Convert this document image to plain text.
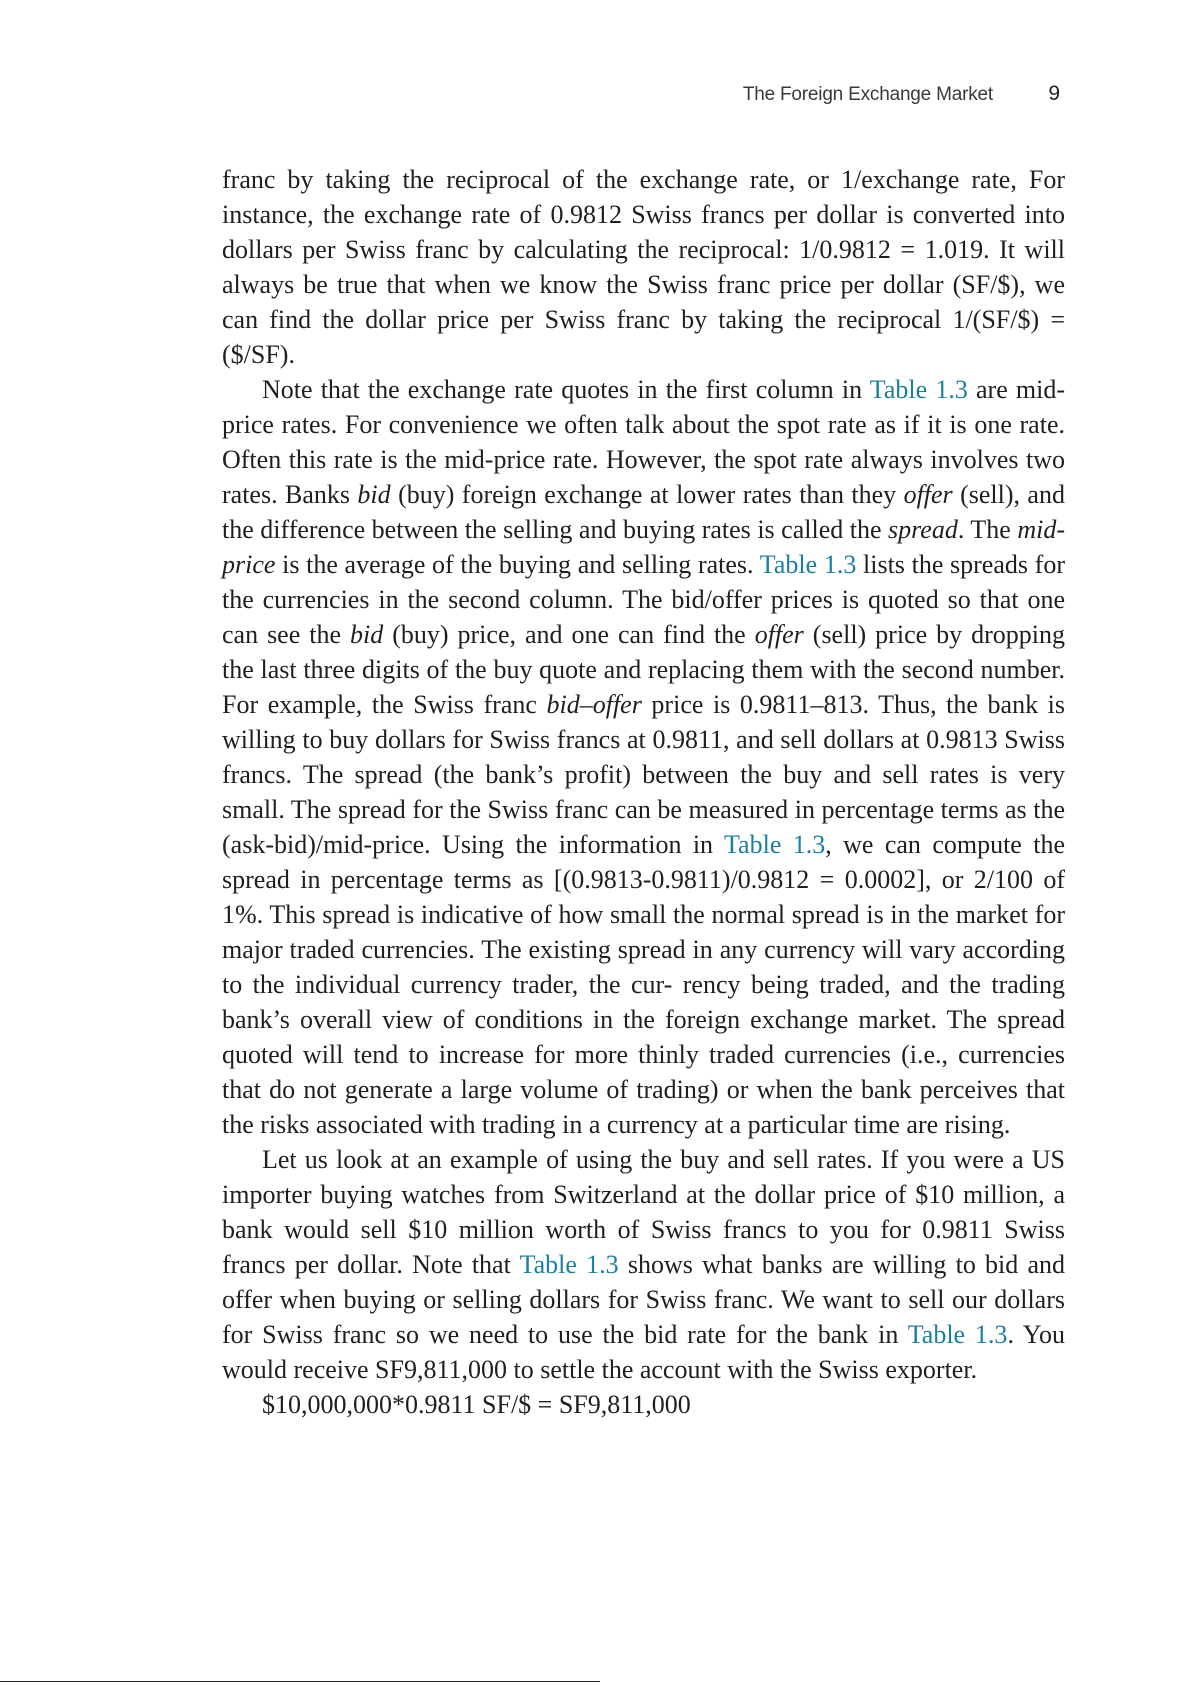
The Foreign Exchange Market	9

franc by taking the reciprocal of the exchange rate, or 1/exchange rate, For instance, the exchange rate of 0.9812 Swiss francs per dollar is converted into dollars per Swiss franc by calculating the reciprocal: 1/0.9812 = 1.019. It will always be true that when we know the Swiss franc price per dollar (SF/$), we can find the dollar price per Swiss franc by taking the reciprocal 1/(SF/$) = ($/SF).

Note that the exchange rate quotes in the first column in Table 1.3 are mid-price rates. For convenience we often talk about the spot rate as if it is one rate. Often this rate is the mid-price rate. However, the spot rate always involves two rates. Banks bid (buy) foreign exchange at lower rates than they offer (sell), and the difference between the selling and buying rates is called the spread. The mid-price is the average of the buying and selling rates. Table 1.3 lists the spreads for the currencies in the second column. The bid/offer prices is quoted so that one can see the bid (buy) price, and one can find the offer (sell) price by dropping the last three digits of the buy quote and replacing them with the second number. For example, the Swiss franc bid–offer price is 0.9811–813. Thus, the bank is willing to buy dollars for Swiss francs at 0.9811, and sell dollars at 0.9813 Swiss francs. The spread (the bank’s profit) between the buy and sell rates is very small. The spread for the Swiss franc can be measured in percentage terms as the (ask-bid)/mid-price. Using the information in Table 1.3, we can compute the spread in percentage terms as [(0.9813-0.9811)/0.9812 = 0.0002], or 2/100 of 1%. This spread is indicative of how small the normal spread is in the market for major traded currencies. The existing spread in any currency will vary according to the individual currency trader, the cur- rency being traded, and the trading bank’s overall view of conditions in the foreign exchange market. The spread quoted will tend to increase for more thinly traded currencies (i.e., currencies that do not generate a large volume of trading) or when the bank perceives that the risks associated with trading in a currency at a particular time are rising.

Let us look at an example of using the buy and sell rates. If you were a US importer buying watches from Switzerland at the dollar price of $10 million, a bank would sell $10 million worth of Swiss francs to you for 0.9811 Swiss francs per dollar. Note that Table 1.3 shows what banks are willing to bid and offer when buying or selling dollars for Swiss franc. We want to sell our dollars for Swiss franc so we need to use the bid rate for the bank in Table 1.3. You would receive SF9,811,000 to settle the account with the Swiss exporter.

$10,000,000*0.9811 SF/$ = SF9,811,000
